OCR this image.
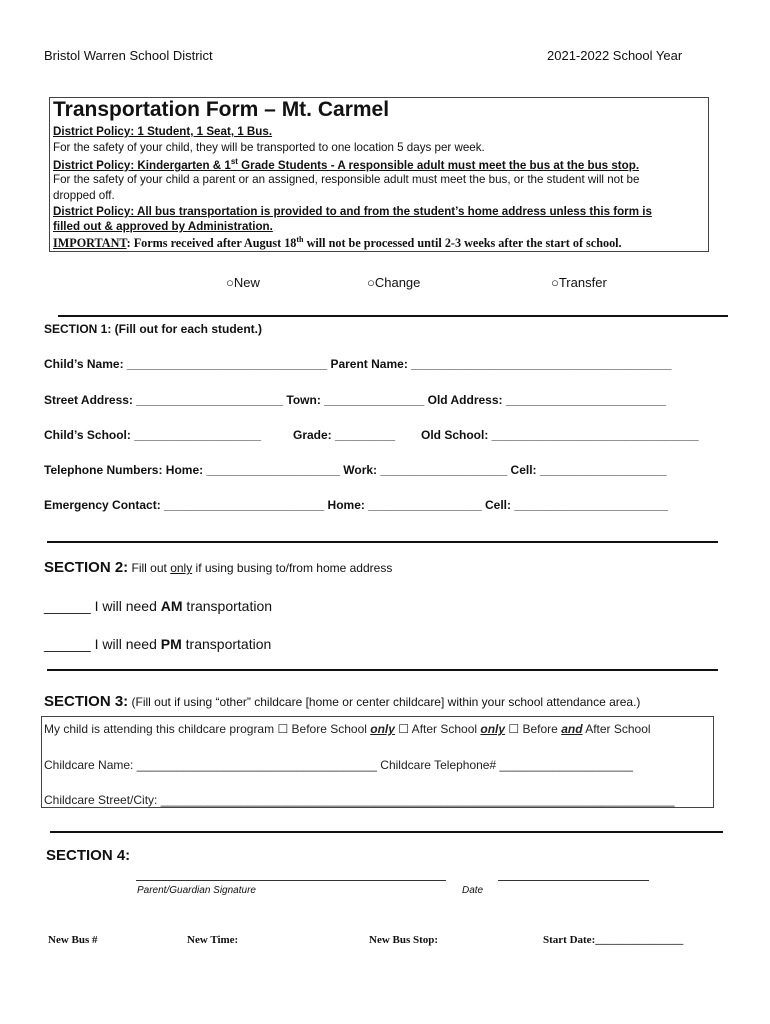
Bristol Warren School District	2021-2022 School Year
Transportation Form – Mt. Carmel
District Policy: 1 Student, 1 Seat, 1 Bus.
For the safety of your child, they will be transported to one location 5 days per week.
District Policy: Kindergarten & 1st Grade Students - A responsible adult must meet the bus at the bus stop.
For the safety of your child a parent or an assigned, responsible adult must meet the bus, or the student will not be
dropped off.
District Policy: All bus transportation is provided to and from the student’s home address unless this form is
filled out & approved by Administration.
IMPORTANT: Forms received after August 18th will not be processed until 2-3 weeks after the start of school.
○New	○Change	○Transfer
SECTION 1: (Fill out for each student.)
Child’s Name: ______________________________ Parent Name: _______________________________________
Street Address: ______________________ Town: _______________ Old Address: ________________________
Child’s School: ___________________	Grade: _________ Old School: _______________________________
Telephone Numbers: Home: ____________________ Work: ___________________ Cell: ___________________
Emergency Contact: ________________________ Home: _________________ Cell: _______________________
SECTION 2: Fill out only if using busing to/from home address
______ I will need AM transportation
______ I will need PM transportation
SECTION 3: (Fill out if using “other” childcare [home or center childcare] within your school attendance area.)
My child is attending this childcare program ☐ Before School only ☐ After School only ☐ Before and After School
Childcare Name: ____________________________________ Childcare Telephone# ____________________
Childcare Street/City: _____________________________________________________________________________
SECTION 4:
Parent/Guardian Signature	Date
New Bus #	New Time:	New Bus Stop:	Start Date:________________
